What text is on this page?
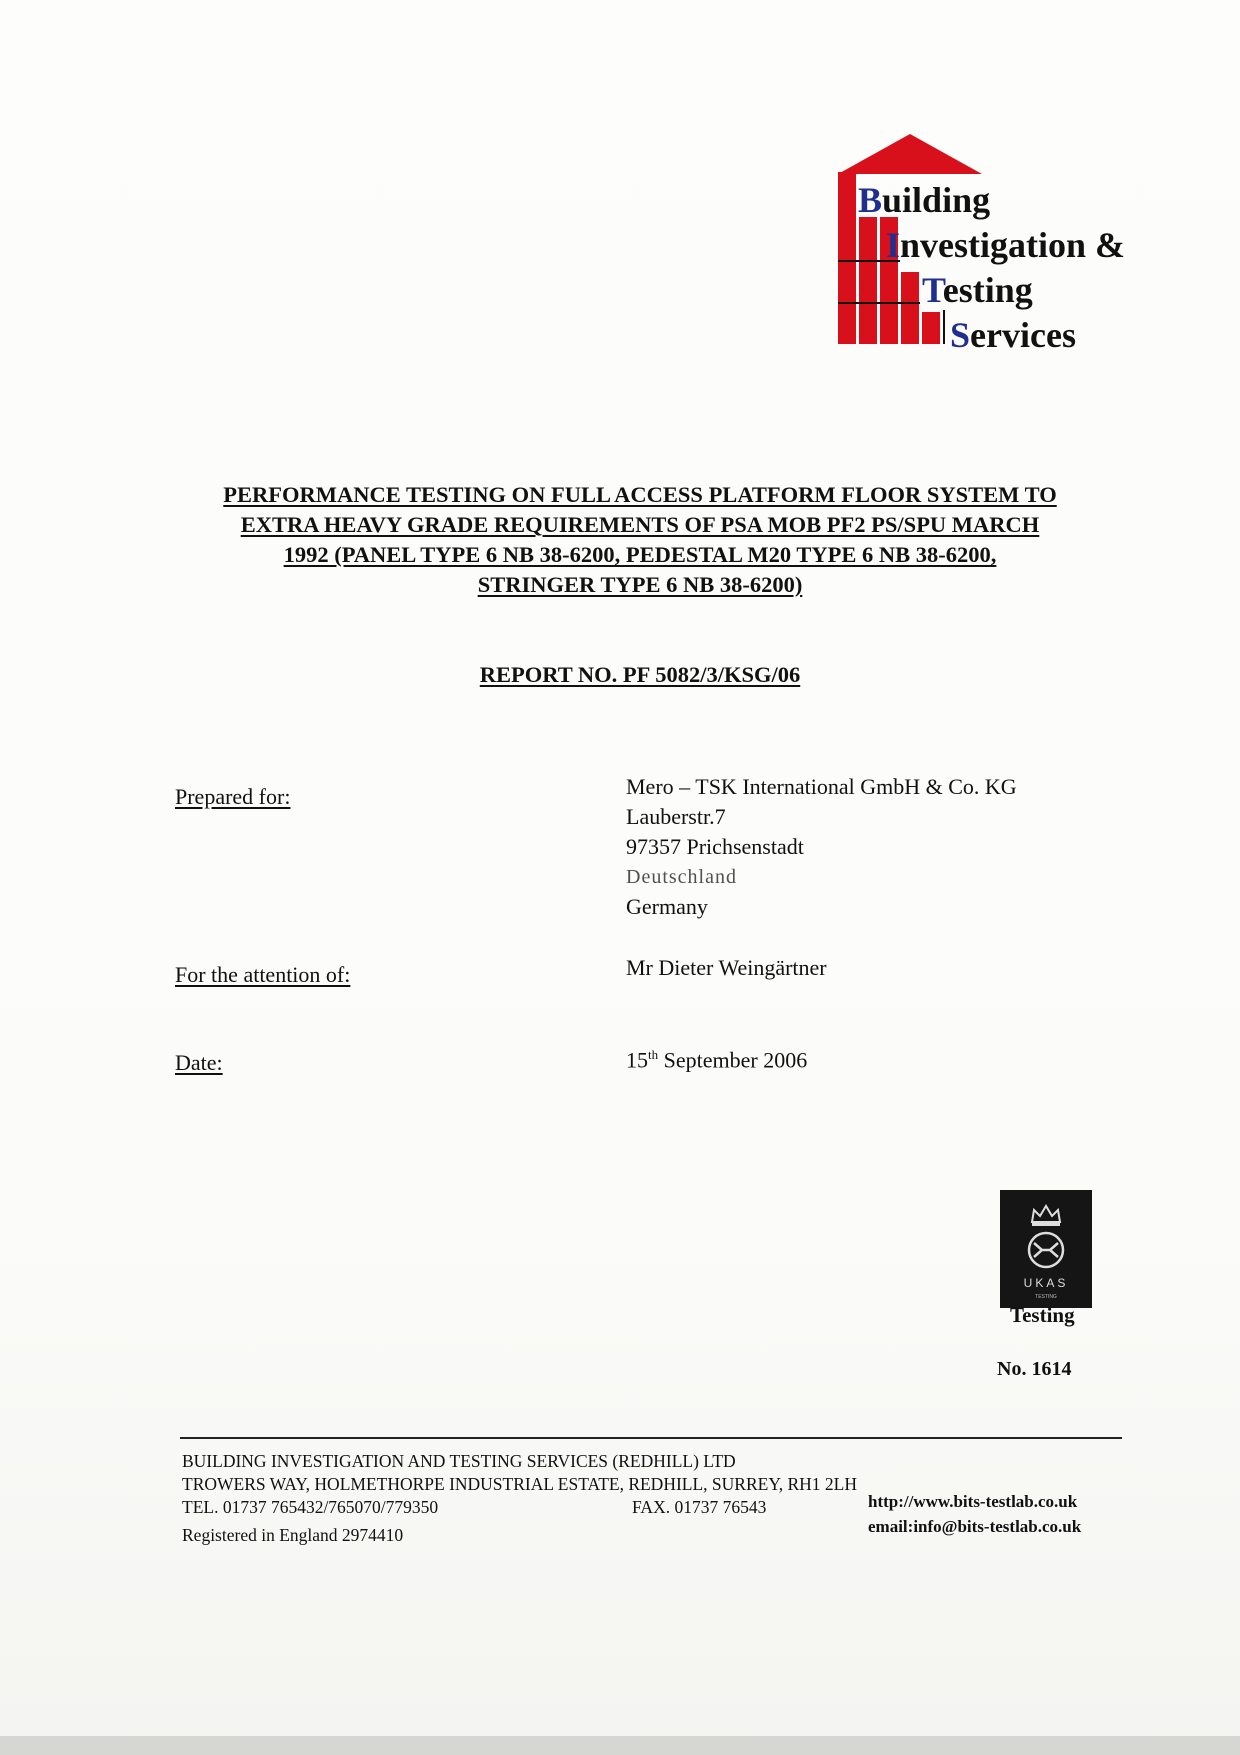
Building
Investigation &
Testing
Services
PERFORMANCE TESTING ON FULL ACCESS PLATFORM FLOOR SYSTEM TO
EXTRA HEAVY GRADE REQUIREMENTS OF PSA MOB PF2 PS/SPU MARCH
1992 (PANEL TYPE 6 NB 38-6200, PEDESTAL M20 TYPE 6 NB 38-6200,
STRINGER TYPE 6 NB 38-6200)
REPORT NO. PF 5082/3/KSG/06
Prepared for:	Mero – TSK International GmbH & Co. KG
Lauberstr.7
97357 Prichsenstadt
Deutschland
Germany
For the attention of:	Mr Dieter Weingärtner
Date:	15th September 2006
UKAS
TESTING
Testing
No. 1614
BUILDING INVESTIGATION AND TESTING SERVICES (REDHILL) LTD
TROWERS WAY, HOLMETHORPE INDUSTRIAL ESTATE, REDHILL, SURREY, RH1 2LH
TEL. 01737 765432/765070/779350	FAX. 01737 76543
Registered in England 2974410
http://www.bits-testlab.co.uk
email:info@bits-testlab.co.uk
